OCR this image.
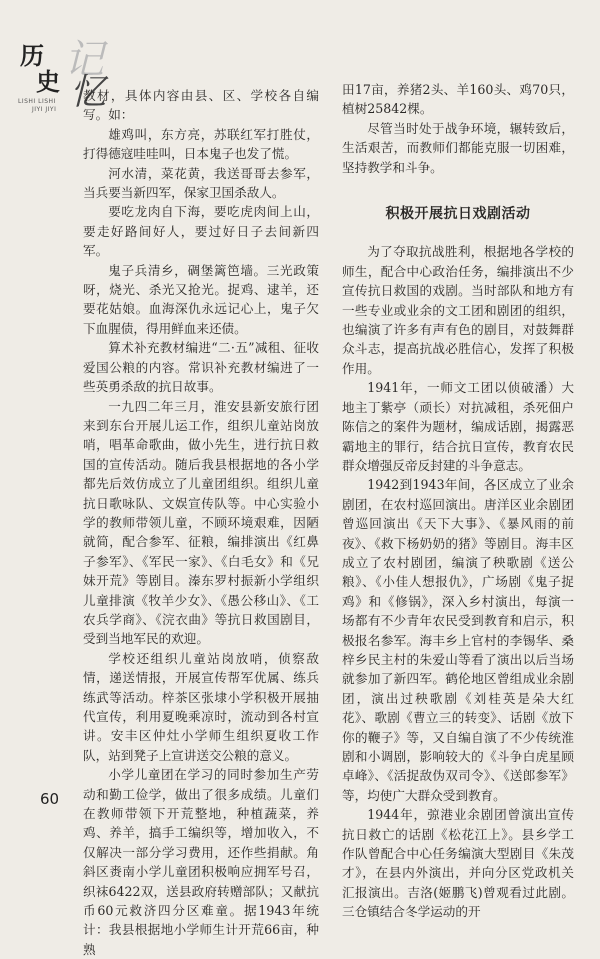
历
史 记
忆
LISHI LISHI
JIYI JIYI

教材，具体内容由县、区、学校各自编写。如：

雄鸡叫，东方亮，苏联红军打胜仗，打得德寇哇哇叫，日本鬼子也发了慌。

河水清，菜花黄，我送哥哥去参军，当兵要当新四军，保家卫国杀敌人。

要吃龙肉自下海，要吃虎肉间上山，要走好路间好人，要过好日子去间新四军。

鬼子兵清乡，碉堡篱笆墙。三光政策呀，烧光、杀光又抢光。捉鸡、逮羊，还要花姑娘。血海深仇永远记心上，鬼子欠下血腥债，得用鲜血来还债。

算术补充教材编进“二·五”减租、征收爱国公粮的内容。常识补充教材编进了一些英勇杀敌的抗日故事。

一九四二年三月，淮安县新安旅行团来到东台开展儿运工作，组织儿童站岗放哨，唱革命歌曲，做小先生，进行抗日救国的宣传活动。随后我县根据地的各小学都先后效仿成立了儿童团组织。组织儿童抗日歌咏队、文娱宣传队等。中心实验小学的教师带领儿童，不顾环境艰难，因陋就简，配合参军、征粮，编排演出《红鼻子参军》、《军民一家》、《白毛女》和《兄妹开荒》等剧目。溱东罗村振新小学组织儿童排演《牧羊少女》、《愚公移山》、《工农兵学商》、《浣衣曲》等抗日救国剧目，受到当地军民的欢迎。

学校还组织儿童站岗放哨，侦察敌情，递送情报，开展宣传帮军优属、练兵练武等活动。梓茶区张埭小学积极开展抽代宣传，利用夏晚乘凉时，流动到各村宣讲。安丰区仲灶小学师生组织夏收工作队，站到凳子上宣讲送交公粮的意义。

小学儿童团在学习的同时参加生产劳动和勤工俭学，做出了很多成绩。儿童们在教师带领下开荒整地，种植蔬菜，养鸡、养羊，搞手工编织等，增加收入，不仅解决一部分学习费用，还作些捐献。角斜区赉南小学儿童团积极响应拥军号召，织袜6422双，送县政府转赠部队；又献抗币60元救济四分区难童。据1943年统计：我县根据地小学师生计开荒66亩，种熟

田17亩，养猪2头、羊160头、鸡70只，植树25842棵。

尽管当时处于战争环境，辗转致后，生活艰苦，而教师们都能克服一切困难，坚持教学和斗争。

积极开展抗日戏剧活动

为了夺取抗战胜利，根据地各学校的师生，配合中心政治任务，编排演出不少宣传抗日救国的戏剧。当时部队和地方有一些专业或业余的文工团和剧团的组织，也编演了许多有声有色的剧目，对鼓舞群众斗志，提高抗战必胜信心，发挥了积极作用。

1941年，一师文工团以侦破潘）大地主丁紫亭（顽长）对抗减租，杀死佃户陈信之的案件为题材，编成话剧，揭露恶霸地主的罪行，结合抗日宣传，教育农民群众增强反帝反封建的斗争意志。

1942到1943年间，各区成立了业余剧团，在农村巡回演出。唐洋区业余剧团曾巡回演出《天下大事》、《暴风雨的前夜》、《救下杨奶奶的猪》等剧目。海丰区成立了农村剧团，编演了秧歌剧《送公粮》、《小佳人想报仇》，广场剧《鬼子捉鸡》和《修锅》，深入乡村演出，每演一场都有不少青年农民受到教育和启示，积极报名参军。海丰乡上官村的李锡华、桑梓乡民主村的朱爱山等看了演出以后当场就参加了新四军。鹤伦地区曾组成业余剧团，演出过秧歌剧《刘桂英是朵大红花》、歌剧《曹立三的转变》、话剧《放下你的鞭子》等，又自编自演了不少传统淮剧和小调剧，影响较大的《斗争白虎星顾卓峰》、《活捉敌伪双司令》、《送郎参军》等，均使广大群众受到教育。

1944年，弶港业余剧团曾演出宣传抗日救亡的话剧《松花江上》。县乡学工作队曾配合中心任务编演大型剧目《朱茂才》，在县内外演出，并向分区党政机关汇报演出。吉洛(姬鹏飞)曾观看过此剧。三仓镇结合冬学运动的开

60
